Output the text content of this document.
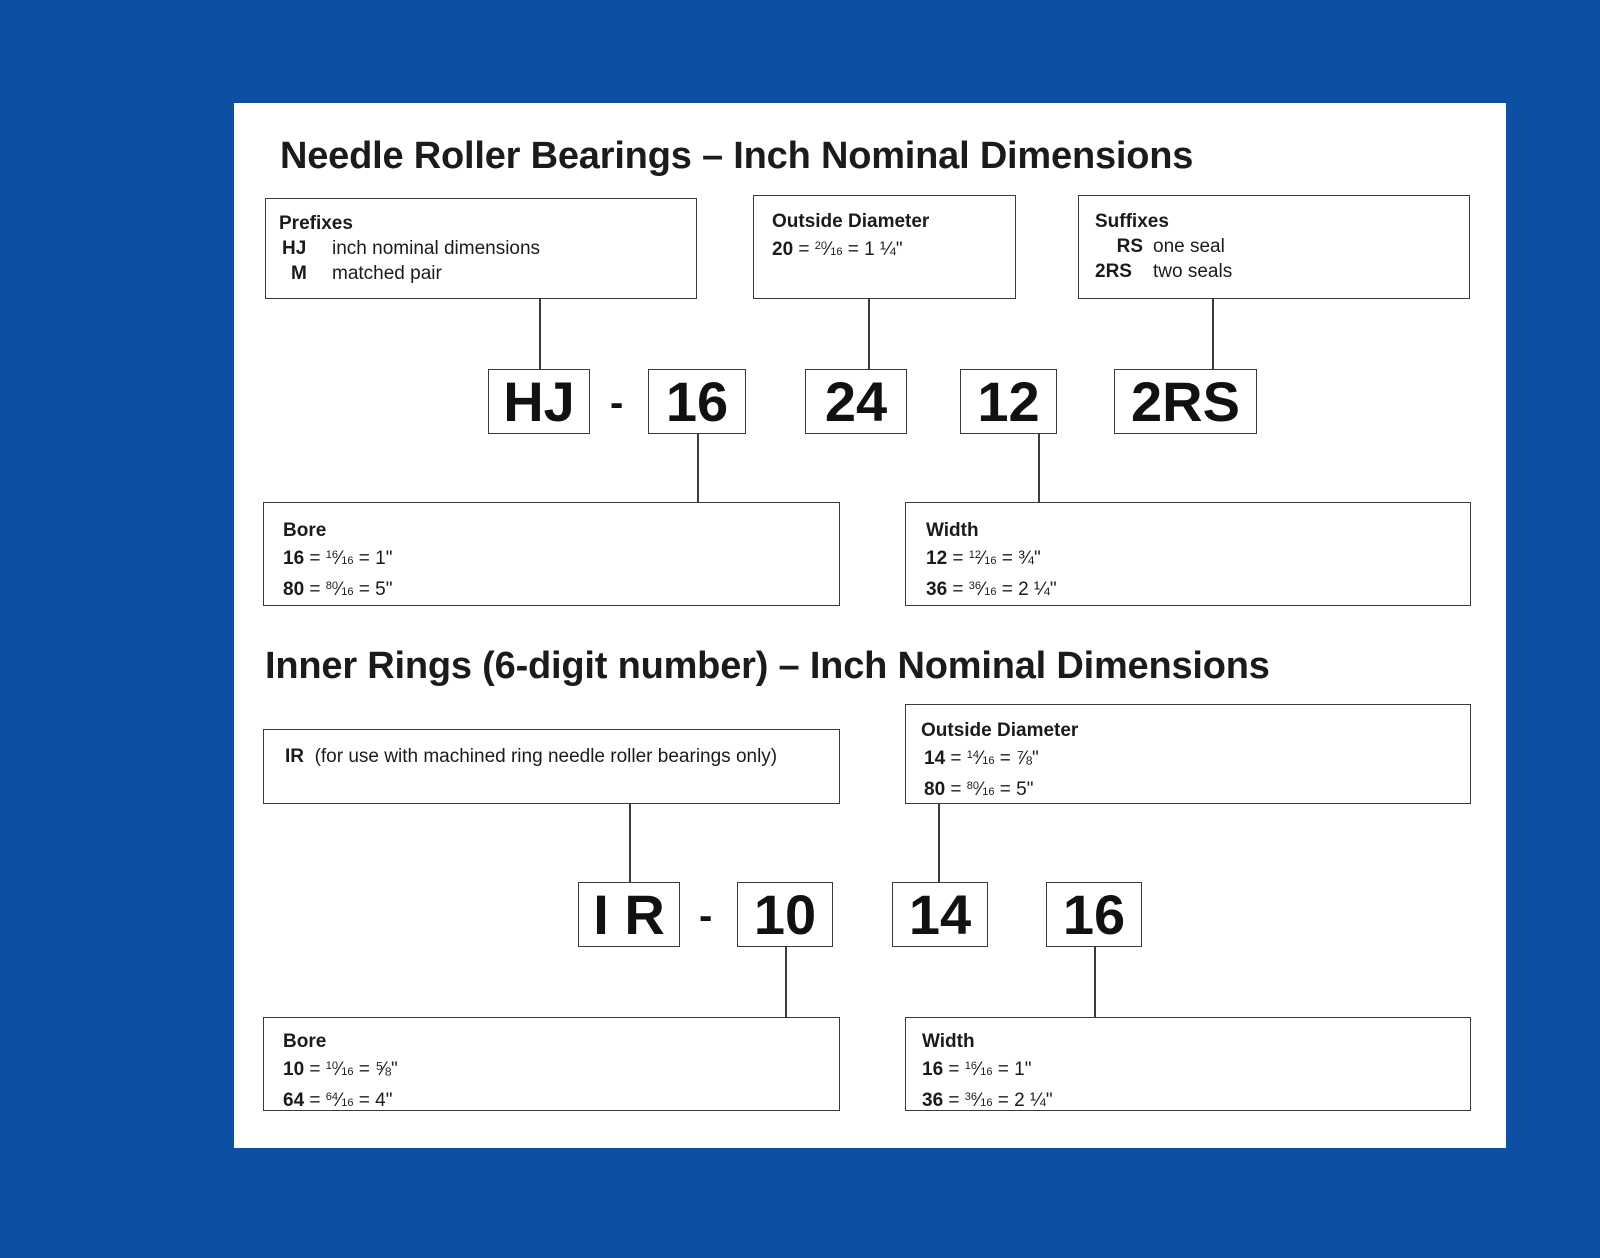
Needle Roller Bearings – Inch Nominal Dimensions
Prefixes
HJ inch nominal dimensions
M matched pair
Outside Diameter
20 = $^{20}$⁄16 = 1 ¼"
Suffixes
RS one seal
2RS two seals
HJ - 16	24	12	2RS
Bore
16 = $^{16}$⁄16 = 1"
80 = $^{80}$⁄16 = 5"
Width
12 = $^{12}$⁄16 = ¾"
36 = $^{36}$⁄16 = 2 ¼"
Inner Rings (6-digit number) – Inch Nominal Dimensions
IR (for use with machined ring needle roller bearings only)
Outside Diameter
14 = $^{14}$⁄16 = ⅞"
80 = $^{80}$⁄16 = 5"
I R - 10	14	16
Bore
10 = $^{10}$⁄16 = ⅝"
64 = $^{64}$⁄16 = 4"
Width
16 = $^{16}$⁄16 = 1"
36 = $^{36}$⁄16 = 2 ¼"
